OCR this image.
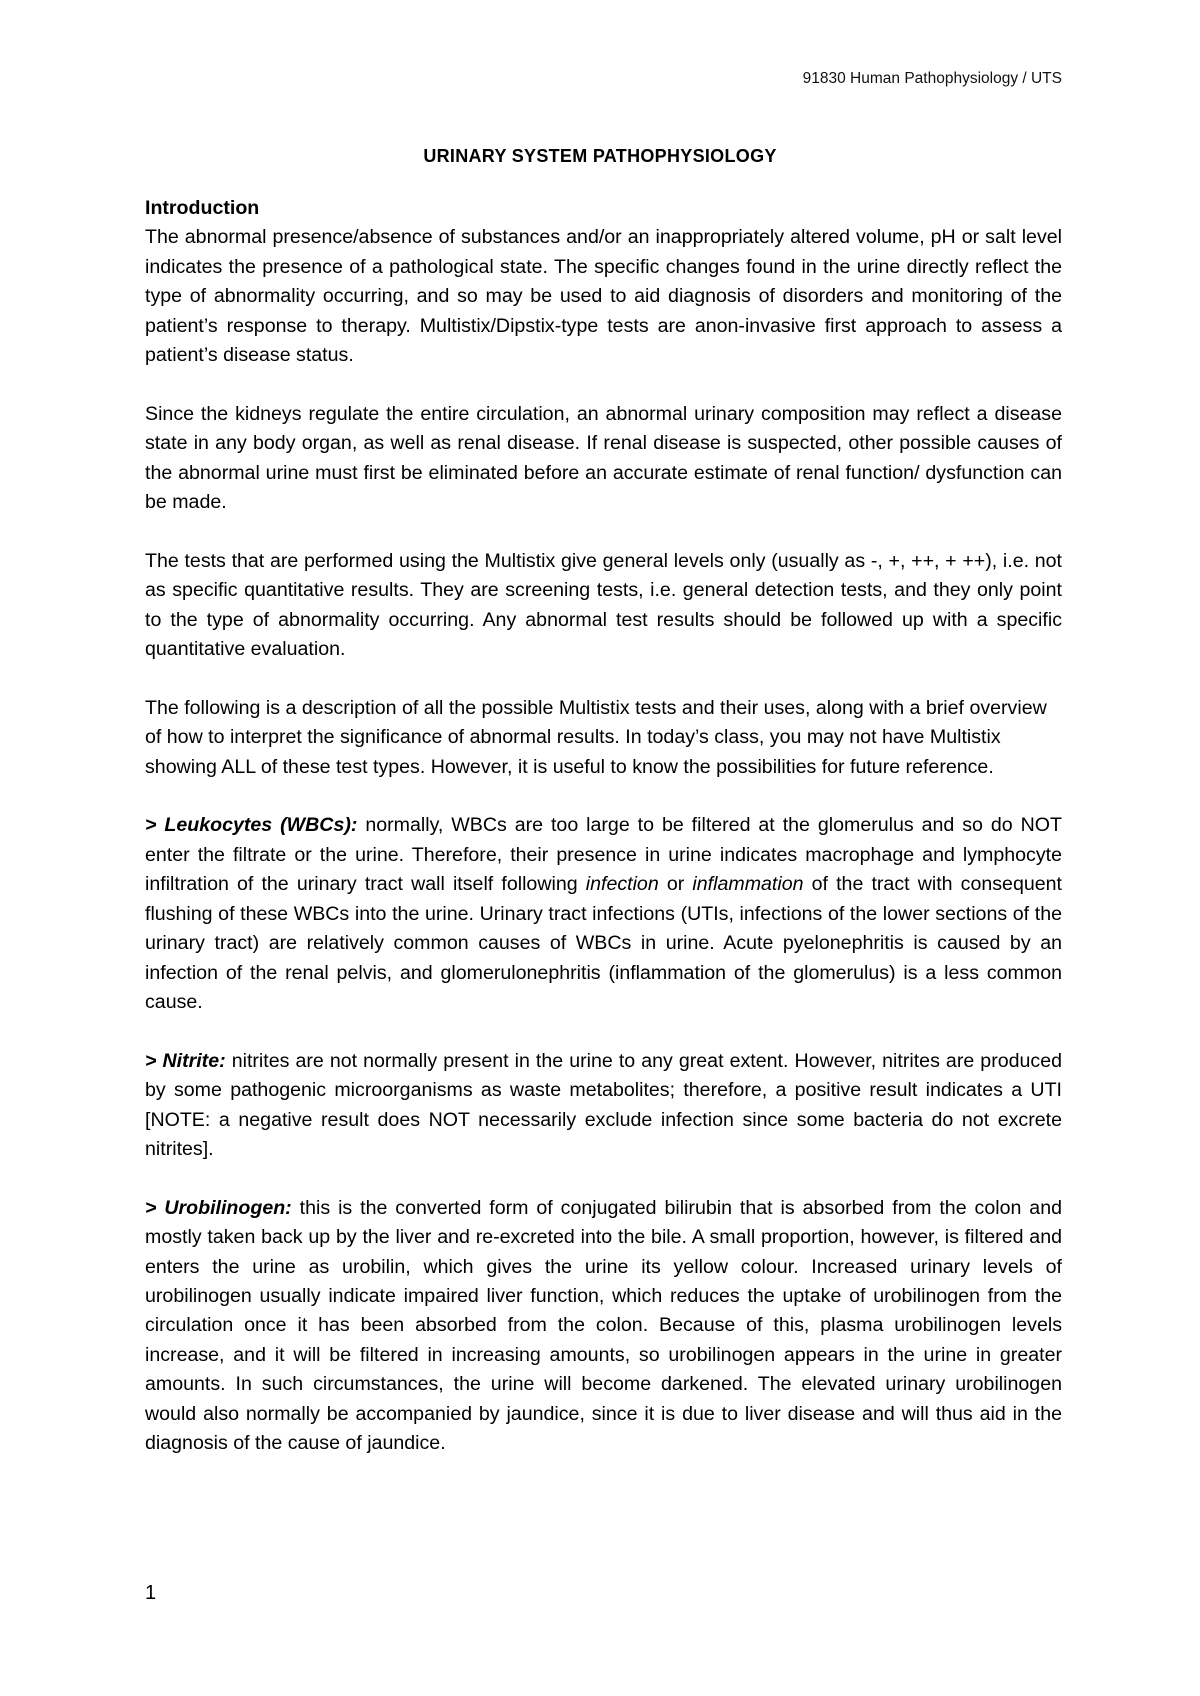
91830 Human Pathophysiology / UTS
URINARY SYSTEM PATHOPHYSIOLOGY
Introduction

The abnormal presence/absence of substances and/or an inappropriately altered volume, pH or salt level indicates the presence of a pathological state. The specific changes found in the urine directly reflect the type of abnormality occurring, and so may be used to aid diagnosis of disorders and monitoring of the patient’s response to therapy. Multistix/Dipstix-type tests are anon-invasive first approach to assess a patient’s disease status.

Since the kidneys regulate the entire circulation, an abnormal urinary composition may reflect a disease state in any body organ, as well as renal disease. If renal disease is suspected, other possible causes of the abnormal urine must first be eliminated before an accurate estimate of renal function/ dysfunction can be made.

The tests that are performed using the Multistix give general levels only (usually as -, +, ++, + ++), i.e. not as specific quantitative results. They are screening tests, i.e. general detection tests, and they only point to the type of abnormality occurring. Any abnormal test results should be followed up with a specific quantitative evaluation.

The following is a description of all the possible Multistix tests and their uses, along with a brief overview of how to interpret the significance of abnormal results. In today’s class, you may not have Multistix showing ALL of these test types. However, it is useful to know the possibilities for future reference.

> Leukocytes (WBCs): normally, WBCs are too large to be filtered at the glomerulus and so do NOT enter the filtrate or the urine. Therefore, their presence in urine indicates macrophage and lymphocyte infiltration of the urinary tract wall itself following infection or inflammation of the tract with consequent flushing of these WBCs into the urine. Urinary tract infections (UTIs, infections of the lower sections of the urinary tract) are relatively common causes of WBCs in urine. Acute pyelonephritis is caused by an infection of the renal pelvis, and glomerulonephritis (inflammation of the glomerulus) is a less common cause.

> Nitrite: nitrites are not normally present in the urine to any great extent. However, nitrites are produced by some pathogenic microorganisms as waste metabolites; therefore, a positive result indicates a UTI [NOTE: a negative result does NOT necessarily exclude infection since some bacteria do not excrete nitrites].

> Urobilinogen: this is the converted form of conjugated bilirubin that is absorbed from the colon and mostly taken back up by the liver and re-excreted into the bile. A small proportion, however, is filtered and enters the urine as urobilin, which gives the urine its yellow colour. Increased urinary levels of urobilinogen usually indicate impaired liver function, which reduces the uptake of urobilinogen from the circulation once it has been absorbed from the colon. Because of this, plasma urobilinogen levels increase, and it will be filtered in increasing amounts, so urobilinogen appears in the urine in greater amounts. In such circumstances, the urine will become darkened. The elevated urinary urobilinogen would also normally be accompanied by jaundice, since it is due to liver disease and will thus aid in the diagnosis of the cause of jaundice.

1
